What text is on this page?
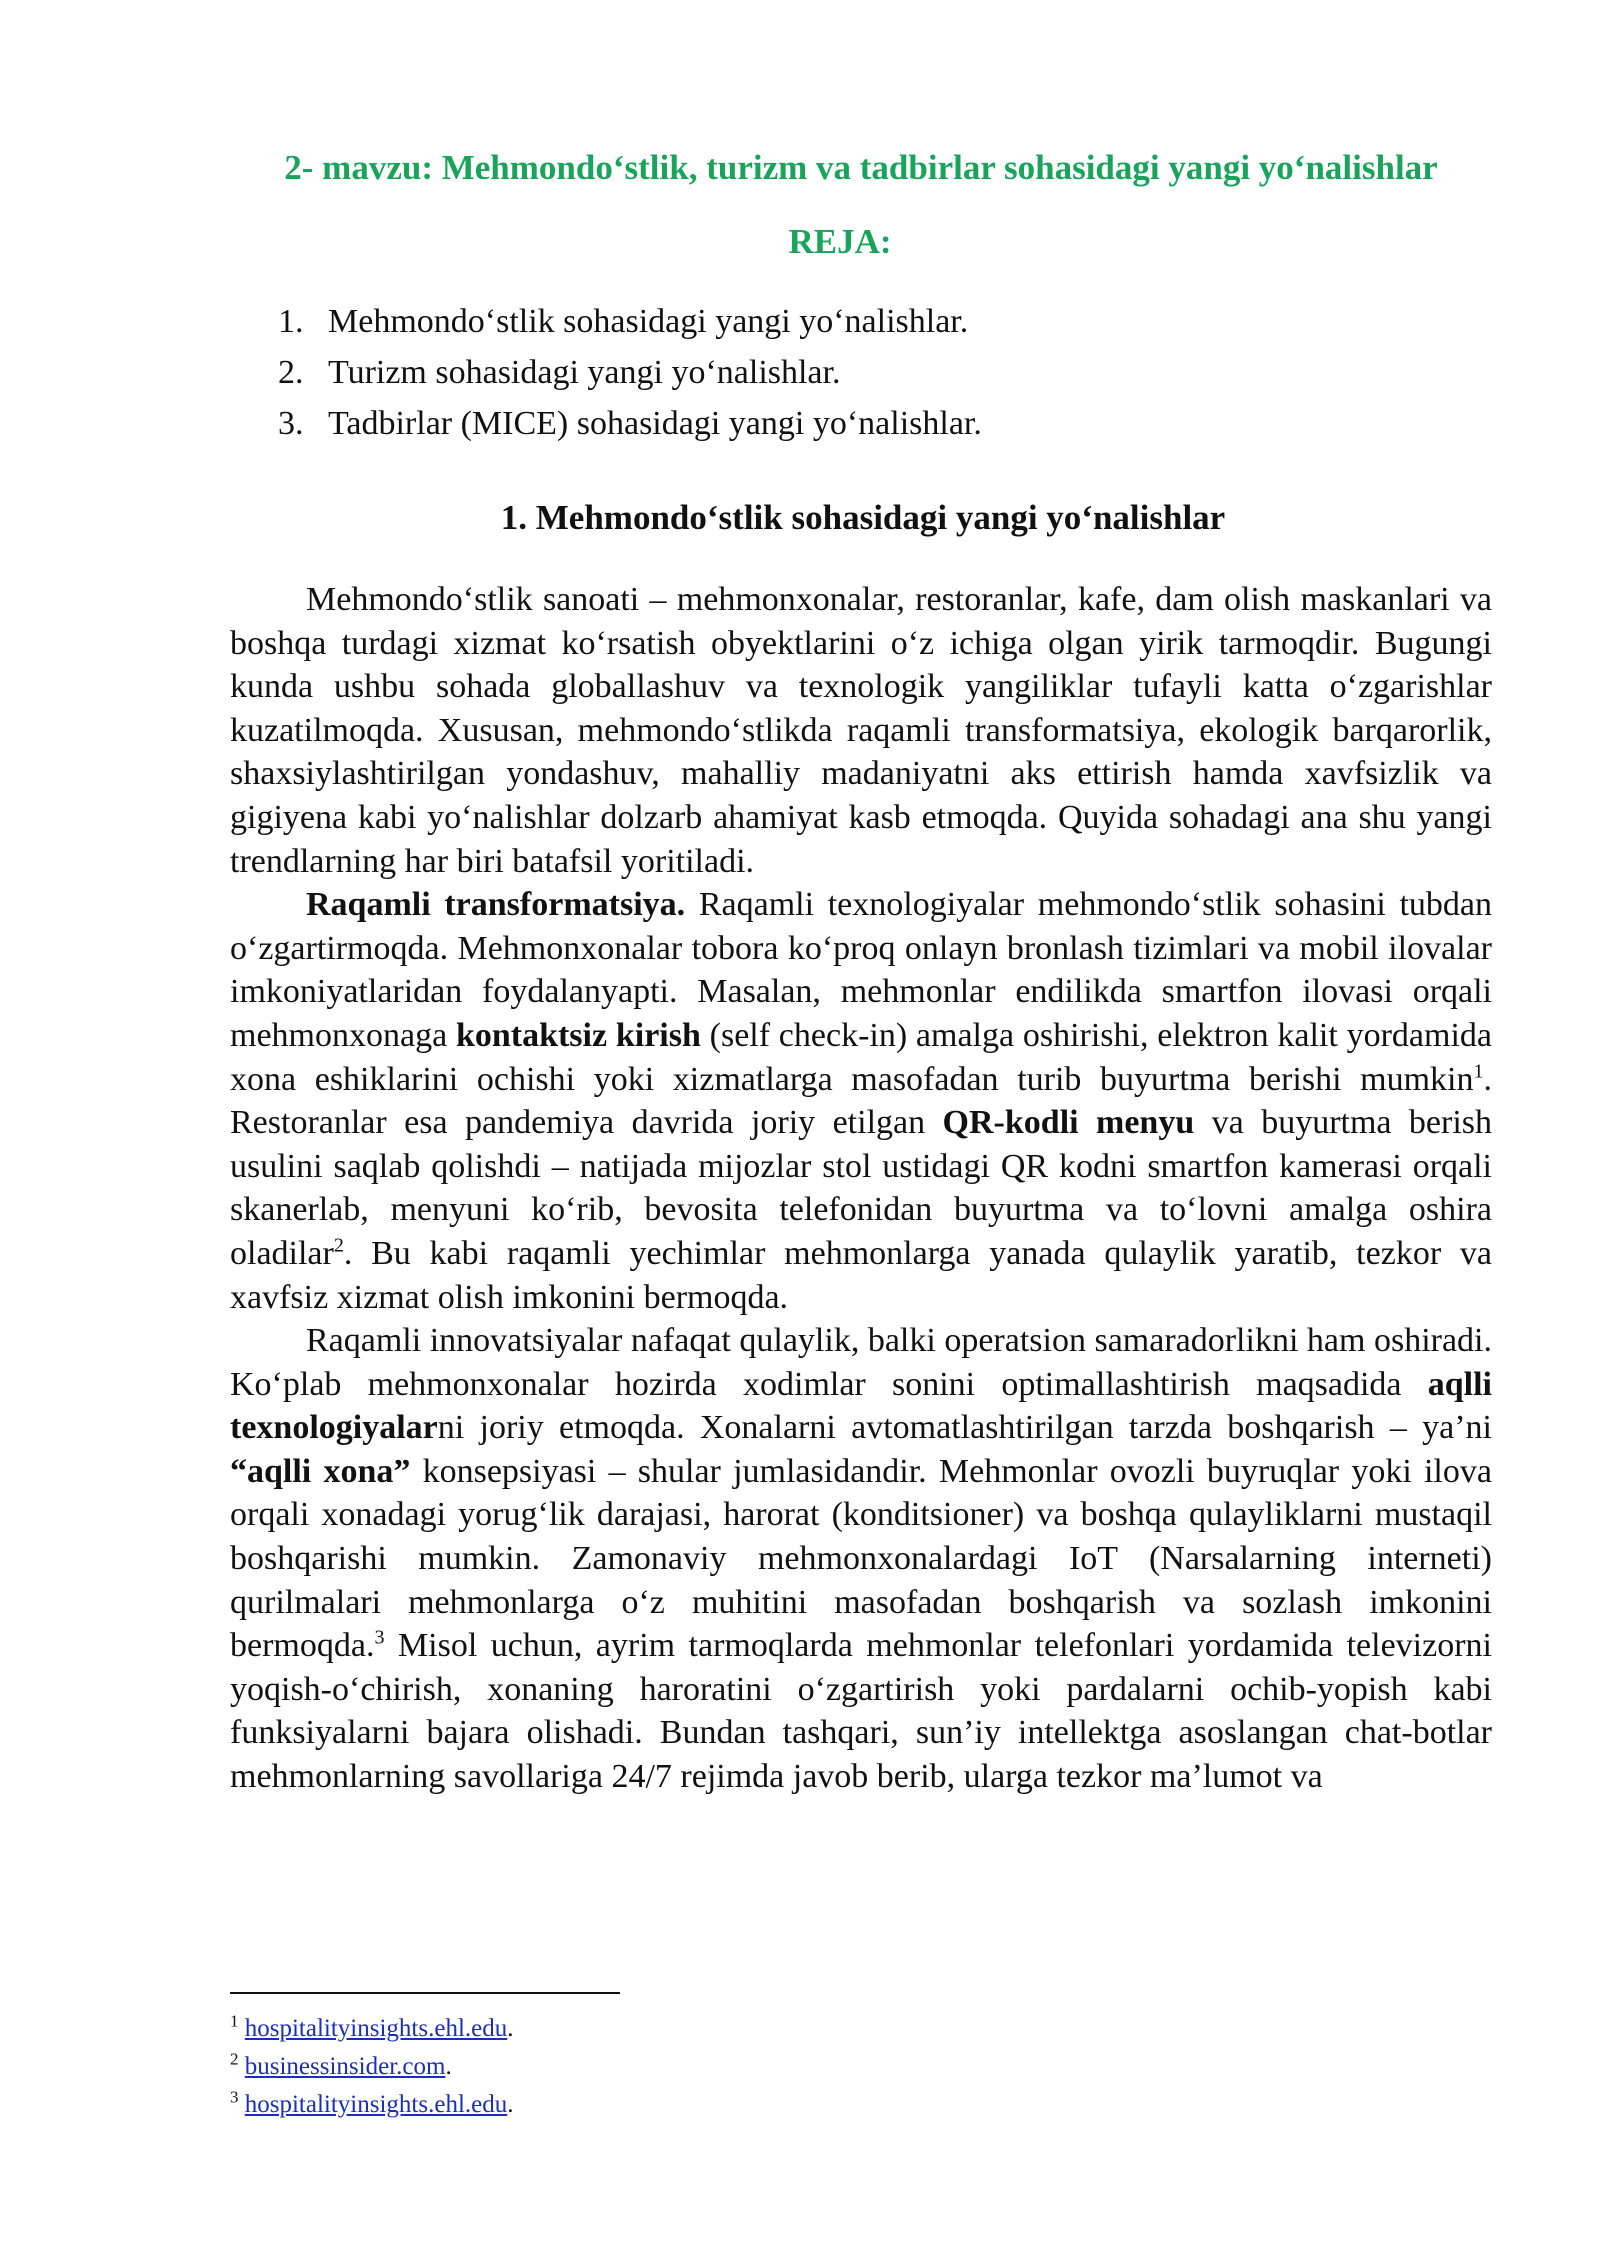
2- mavzu: Mehmondo‘stlik, turizm va tadbirlar sohasidagi yangi yo‘nalishlar
REJA:
1. Mehmondo‘stlik sohasidagi yangi yo‘nalishlar.
2. Turizm sohasidagi yangi yo‘nalishlar.
3. Tadbirlar (MICE) sohasidagi yangi yo‘nalishlar.
1. Mehmondo‘stlik sohasidagi yangi yo‘nalishlar

Mehmondo‘stlik sanoati – mehmonxonalar, restoranlar, kafe, dam olish maskanlari va boshqa turdagi xizmat ko‘rsatish obyektlarini o‘z ichiga olgan yirik tarmoqdir. Bugungi kunda ushbu sohada globallashuv va texnologik yangiliklar tufayli katta o‘zgarishlar kuzatilmoqda. Xususan, mehmondo‘stlikda raqamli transformatsiya, ekologik barqarorlik, shaxsiylashtirilgan yondashuv, mahalliy madaniyatni aks ettirish hamda xavfsizlik va gigiyena kabi yo‘nalishlar dolzarb ahamiyat kasb etmoqda. Quyida sohadagi ana shu yangi trendlarning har biri batafsil yoritiladi.

Raqamli transformatsiya. Raqamli texnologiyalar mehmondo‘stlik sohasini tubdan o‘zgartirmoqda. Mehmonxonalar tobora ko‘proq onlayn bronlash tizimlari va mobil ilovalar imkoniyatlaridan foydalanyapti. Masalan, mehmonlar endilikda smartfon ilovasi orqali mehmonxonaga kontaktsiz kirish (self check-in) amalga oshirishi, elektron kalit yordamida xona eshiklarini ochishi yoki xizmatlarga masofadan turib buyurtma berishi mumkin$^1$. Restoranlar esa pandemiya davrida joriy etilgan QR-kodli menyu va buyurtma berish usulini saqlab qolishdi – natijada mijozlar stol ustidagi QR kodni smartfon kamerasi orqali skanerlab, menyuni ko‘rib, bevosita telefonidan buyurtma va to‘lovni amalga oshira oladilar$^2$. Bu kabi raqamli yechimlar mehmonlarga yanada qulaylik yaratib, tezkor va xavfsiz xizmat olish imkonini bermoqda.

Raqamli innovatsiyalar nafaqat qulaylik, balki operatsion samaradorlikni ham oshiradi. Ko‘plab mehmonxonalar hozirda xodimlar sonini optimallashtirish maqsadida aqlli texnologiyalarni joriy etmoqda. Xonalarni avtomatlashtirilgan tarzda boshqarish – ya’ni “aqlli xona” konsepsiyasi – shular jumlasidandir. Mehmonlar ovozli buyruqlar yoki ilova orqali xonadagi yorug‘lik darajasi, harorat (konditsioner) va boshqa qulayliklarni mustaqil boshqarishi mumkin. Zamonaviy mehmonxonalardagi IoT (Narsalarning interneti) qurilmalari mehmonlarga o‘z muhitini masofadan boshqarish va sozlash imkonini bermoqda.$^3$ Misol uchun, ayrim tarmoqlarda mehmonlar telefonlari yordamida televizorni yoqish-o‘chirish, xonaning haroratini o‘zgartirish yoki pardalarni ochib-yopish kabi funksiyalarni bajara olishadi. Bundan tashqari, sun’iy intellektga asoslangan chat-botlar mehmonlarning savollariga 24/7 rejimda javob berib, ularga tezkor ma’lumot va

$^1$ hospitalityinsights.ehl.edu.
$^2$ businessinsider.com.
$^3$ hospitalityinsights.ehl.edu.
